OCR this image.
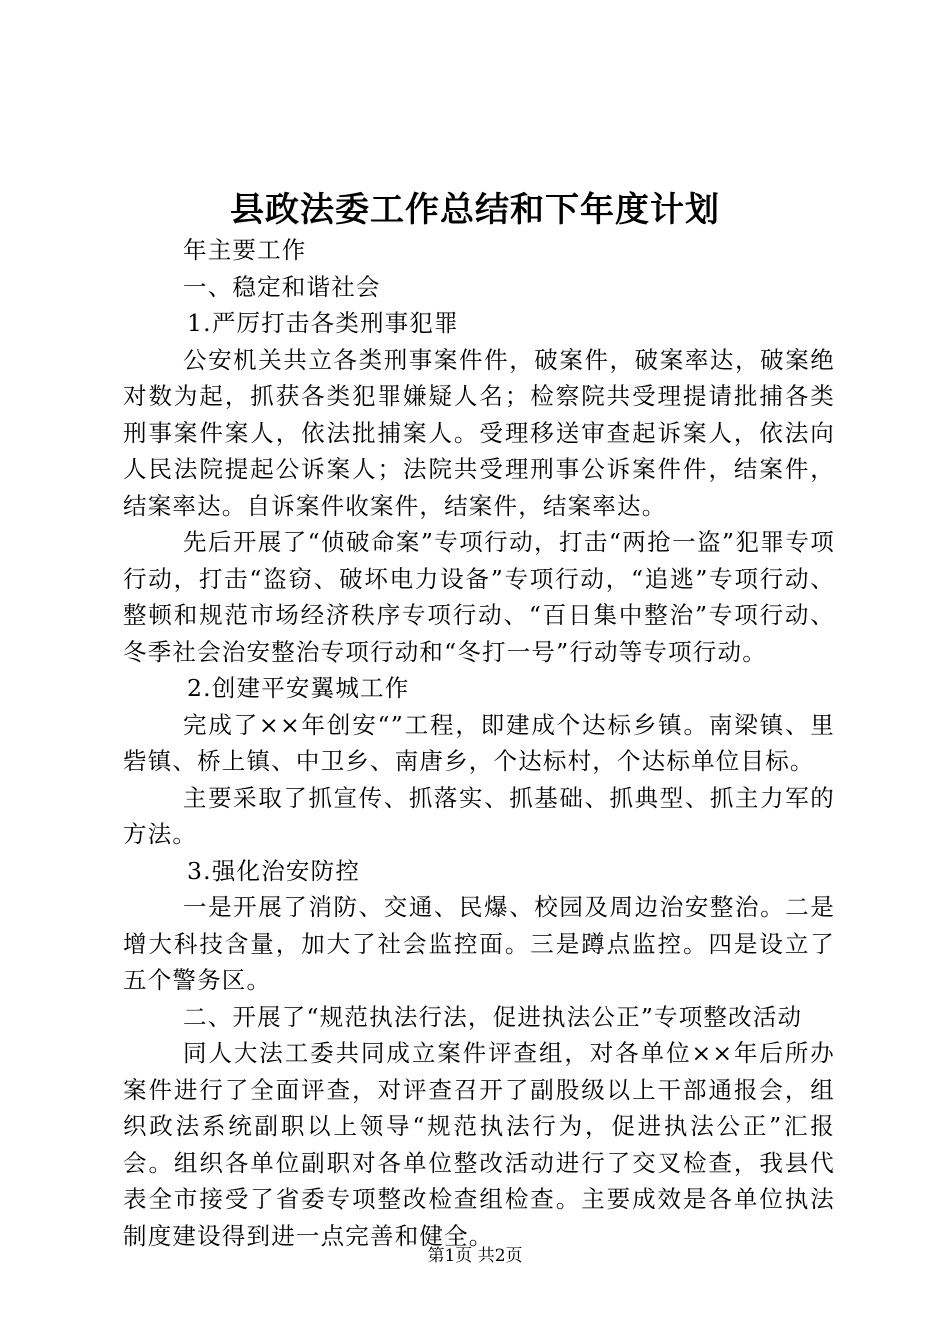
县政法委工作总结和下年度计划

年主要工作

一、稳定和谐社会

1.严厉打击各类刑事犯罪

公安机关共立各类刑事案件件，破案件，破案率达，破案绝对数为起，抓获各类犯罪嫌疑人名；检察院共受理提请批捕各类刑事案件案人，依法批捕案人。受理移送审查起诉案人，依法向人民法院提起公诉案人；法院共受理刑事公诉案件件，结案件，结案率达。自诉案件收案件，结案件，结案率达。

先后开展了“侦破命案”专项行动，打击“两抢一盗”犯罪专项行动，打击“盗窃、破坏电力设备”专项行动，“追逃”专项行动、整顿和规范市场经济秩序专项行动、“百日集中整治”专项行动、冬季社会治安整治专项行动和“冬打一号”行动等专项行动。

2.创建平安翼城工作

完成了××年创安“”工程，即建成个达标乡镇。南梁镇、里砦镇、桥上镇、中卫乡、南唐乡，个达标村，个达标单位目标。

主要采取了抓宣传、抓落实、抓基础、抓典型、抓主力军的方法。

3.强化治安防控

一是开展了消防、交通、民爆、校园及周边治安整治。二是增大科技含量，加大了社会监控面。三是蹲点监控。四是设立了五个警务区。

二、开展了“规范执法行法，促进执法公正”专项整改活动

同人大法工委共同成立案件评查组，对各单位××年后所办案件进行了全面评查，对评查召开了副股级以上干部通报会，组织政法系统副职以上领导“规范执法行为，促进执法公正”汇报会。组织各单位副职对各单位整改活动进行了交叉检查，我县代表全市接受了省委专项整改检查组检查。主要成效是各单位执法制度建设得到进一点完善和健全。

第1页 共2页
